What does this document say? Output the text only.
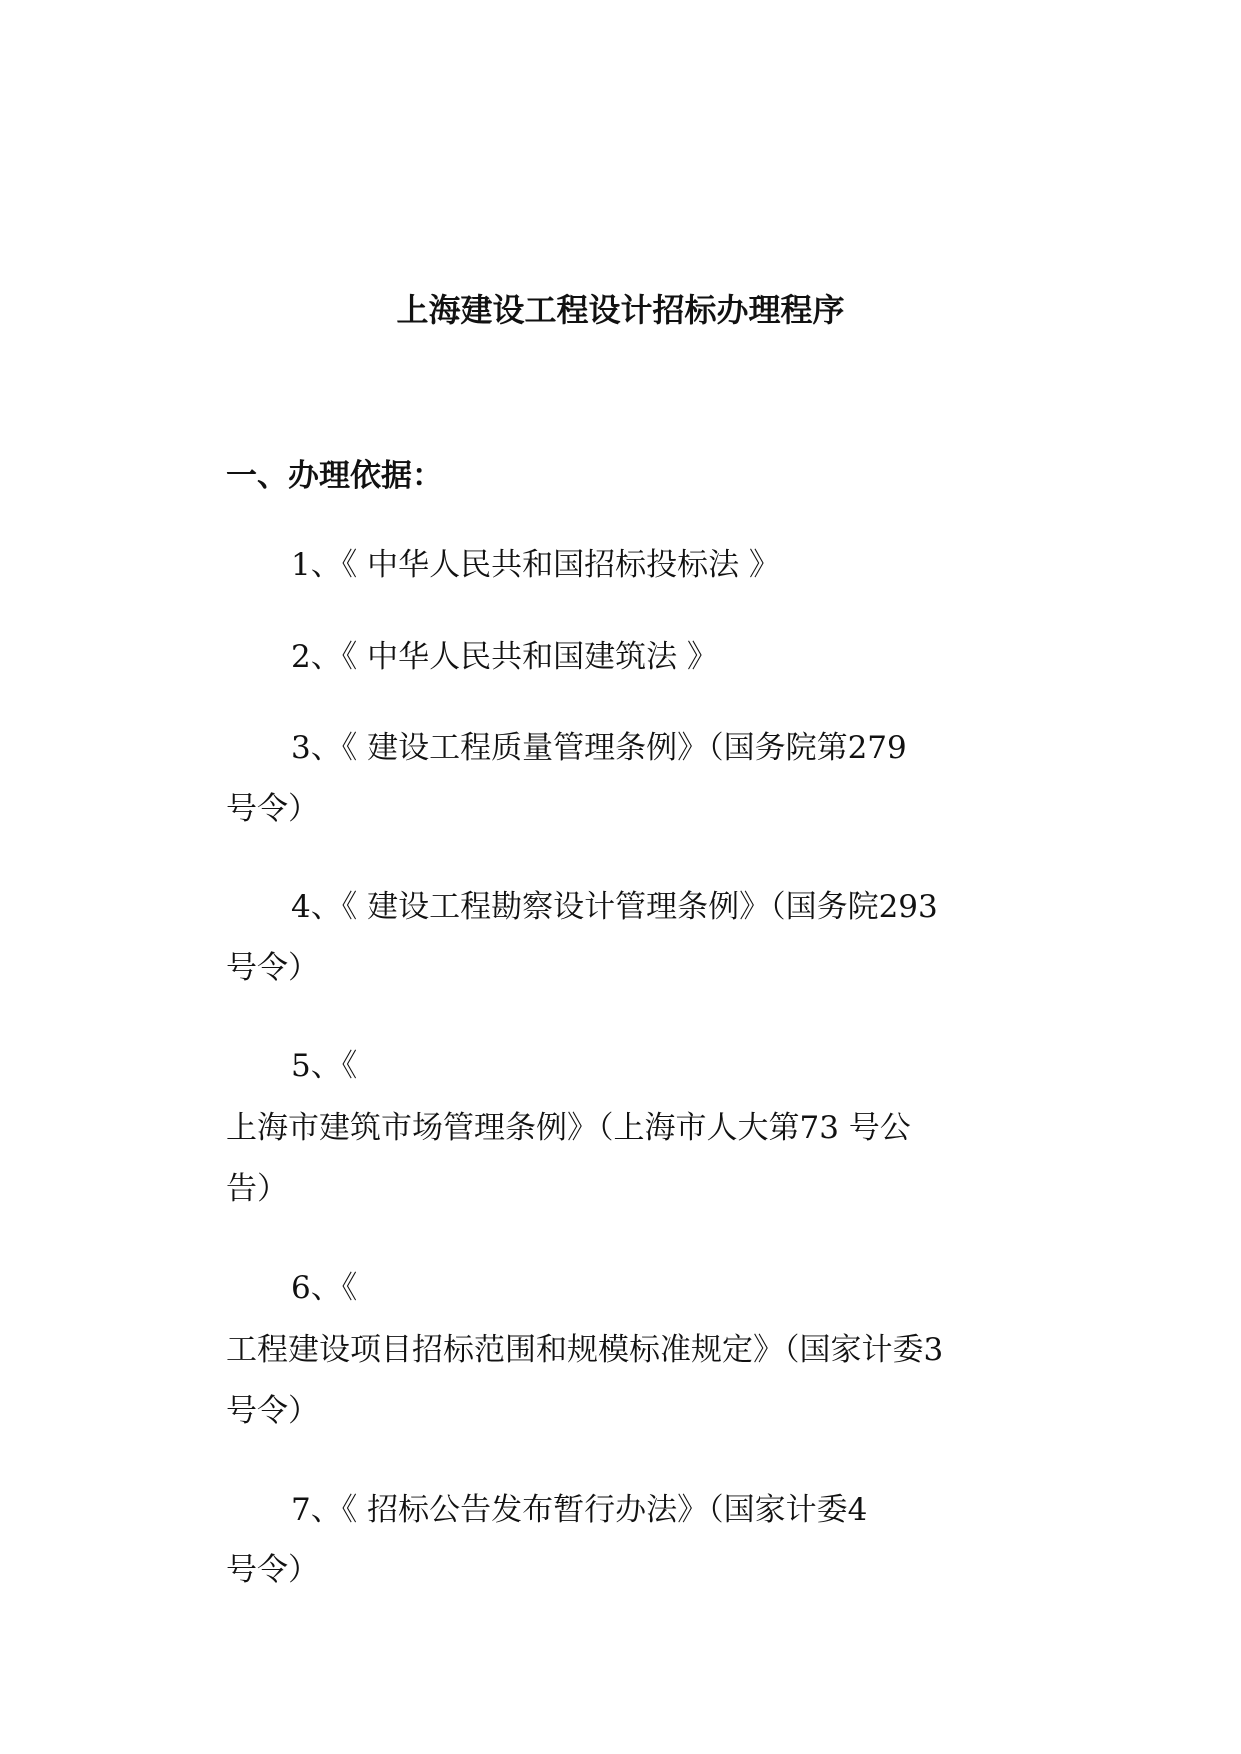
上海建设工程设计招标办理程序
一、办理依据：
1、《 中华人民共和国招标投标法 》
2、《 中华人民共和国建筑法 》
3、《 建设工程质量管理条例》（国务院第279
号令）
4、《 建设工程勘察设计管理条例》（国务院293
号令）
5、《
上海市建筑市场管理条例》（上海市人大第73 号公
告）
6、《
工程建设项目招标范围和规模标准规定》（国家计委3
号令）
7、《 招标公告发布暂行办法》（国家计委4
号令）
